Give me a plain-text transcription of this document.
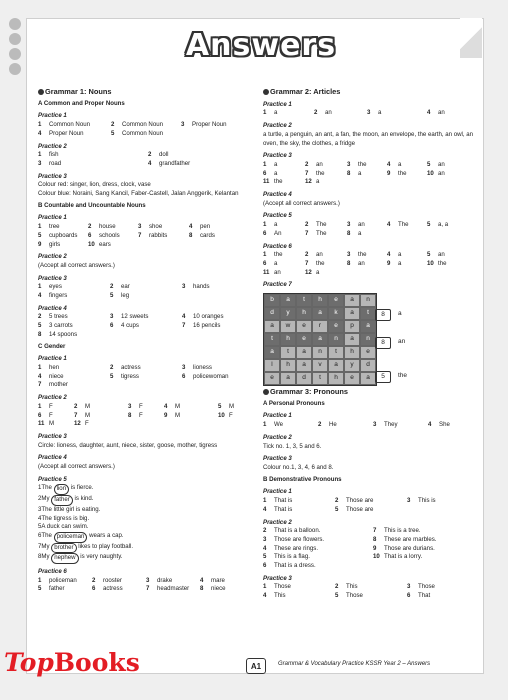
Answers
Grammar 1: Nouns
A Common and Proper Nouns
Practice 1
1	Common Noun	2	Common Noun	3	Proper Noun
4	Proper Noun	5	Common Noun
Practice 2
1	fish	2	doll
3	road	4	grandfather
Practice 3
Colour red: singer, lion, dress, clock, vase
Colour blue: Noraini, Sang Kancil, Faber-Castell, Jalan Anggerik, Kelantan
B Countable and Uncountable Nouns
Practice 1
1	tree	2	house	3	shoe	4	pen
5	cupboards	6	schools	7	rabbits	8	cards
9	girls	10 ears
Practice 2
(Accept all correct answers.)
Practice 3
1	eyes	2	ear	3	hands
4	fingers	5	leg
Practice 4
2	5 trees	3	12 sweets	4	10 oranges
5	3 carrots	6	4 cups	7	16 pencils
8	14 spoons
C Gender
Practice 1
1	hen	2	actress	3	lioness
4	niece	5	tigress	6	policewoman
7	mother
Practice 2
1	F	2	M	3	F	4	M	5	M
6	F	7	M	8	F	9	M	10 F
11 M	12 F
Practice 3
Circle: lioness, daughter, aunt, niece, sister, goose, mother, tigress
Practice 4
(Accept all correct answers.)
Practice 5
1 The lion is fierce.
2 My father is kind.
3 The little girl is eating.
4 The tigress is big.
5 A duck can swim.
6 The policeman wears a cap.
7 My brother likes to play football.
8 My nephew is very naughty.
Practice 6
1	policeman	2	rooster	3	drake	4	mare
5	father	6	actress	7	headmaster	8	niece
Grammar 2: Articles
Practice 1
1	a	2	an	3	a	4	an
Practice 2
a turtle, a penguin, an ant, a fan, the moon, an envelope, the earth, an owl, an oven, the sky, the clothes, a fridge
Practice 3
1	a	2	an	3	the	4	a	5	an
6	a	7	the	8	a	9	the	10 an
11 the	12 a
Practice 4
(Accept all correct answers.)
Practice 5
1	a	2	The	3	an	4	The	5	a, a
6	An	7	The	8	a
Practice 6
1	the	2	an	3	the	4	a	5	an
6	a	7	the	8	an	9	a	10 the
11 an	12 a
Practice 7
b	a	t	h	e	a	n
d	y	h	a	k	a	t
a	w	e	r	e	p	a
t	h	e	a	n	a	n
a	t	a	n	t	h	e
l	h	a	v	a	y	d
e	a	d	t	h	e	a
8	a
8	an
5	the
Grammar 3: Pronouns
A Personal Pronouns
Practice 1
1	We	2	He	3	They	4	She
Practice 2
Tick no. 1, 3, 5 and 6.
Practice 3
Colour no.1, 3, 4, 6 and 8.
B Demonstrative Pronouns
Practice 1
1	That is	2	Those are	3	This is
4	That is	5	Those are
Practice 2
2	That is a balloon.	7	This is a tree.
3	Those are flowers.	8	These are marbles.
4	These are rings.	9	Those are durians.
5	This is a flag.	10 That is a lorry.
6	That is a dress.
Practice 3
1	Those	2	This	3	Those
4	This	5	Those	6	That
TopBooks	A1	Grammar & Vocabulary Practice KSSR Year 2 – Answers
